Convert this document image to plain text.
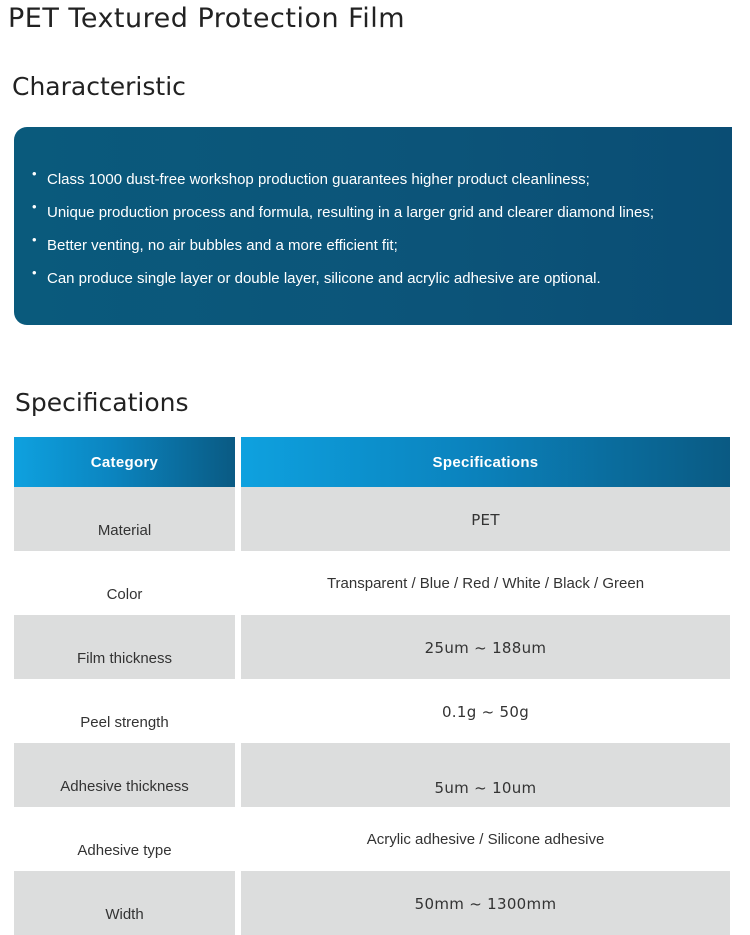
PET Textured Protection Film
Characteristic
• Class 1000 dust-free workshop production guarantees higher product cleanliness;
• Unique production process and formula, resulting in a larger grid and clearer diamond lines;
• Better venting, no air bubbles and a more efficient fit;
• Can produce single layer or double layer, silicone and acrylic adhesive are optional.
Specifications
Category	Specifications
Material
PET
Color
Transparent / Blue / Red / White / Black / Green
Film thickness
25um ~ 188um
Peel strength
0.1g ~ 50g
Adhesive thickness	5um ~ 10um
Adhesive type
Acrylic adhesive / Silicone adhesive
Width
50mm ~ 1300mm
